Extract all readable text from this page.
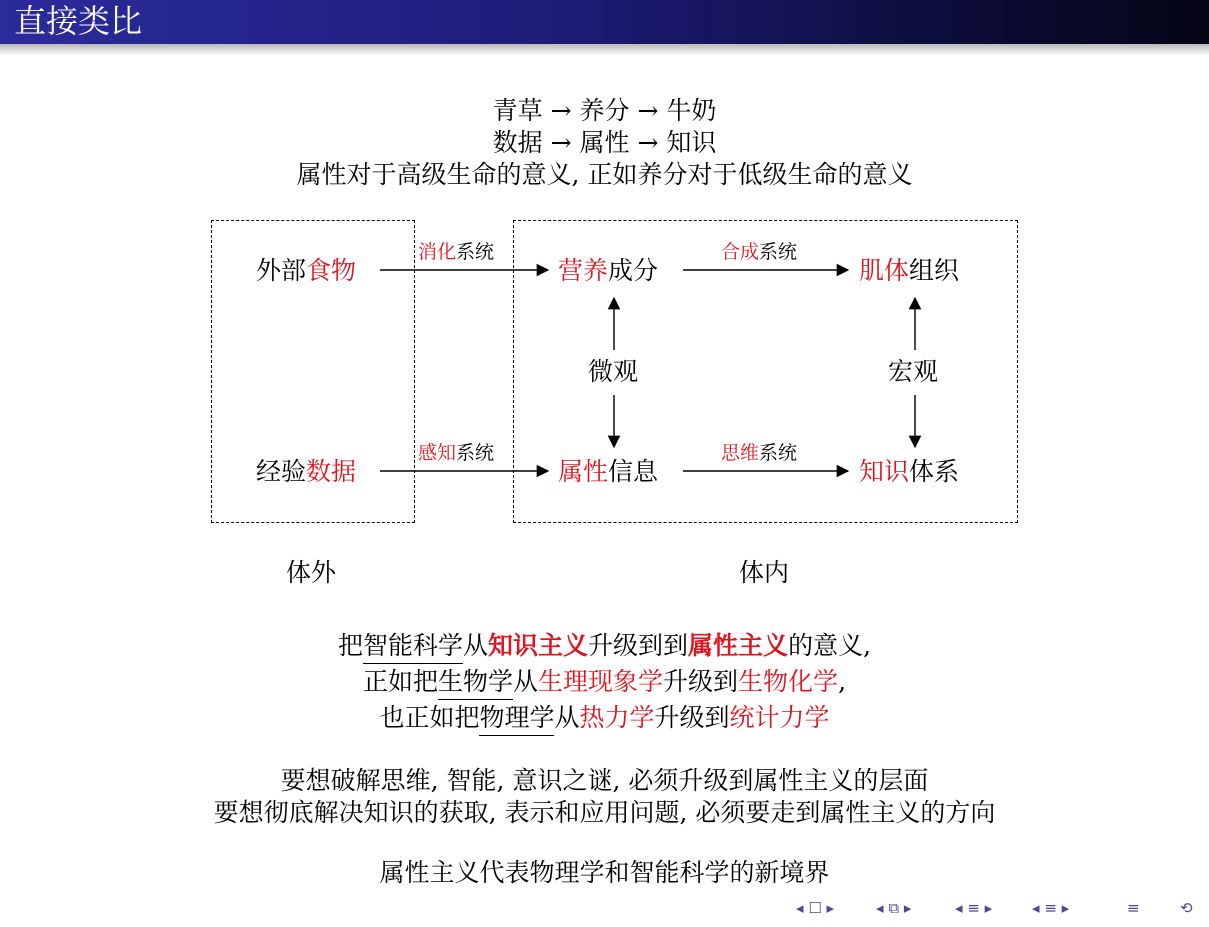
直接类比
青草 → 养分 → 牛奶
数据 → 属性 → 知识
属性对于高级生命的意义, 正如养分对于低级生命的意义
外部食物
经验数据
营养成分
属性信息
肌体组织
知识体系
微观	宏观
消化系统	合成系统
感知系统	思维系统
体外	体内
把智能科学从知识主义升级到到属性主义的意义,
正如把生物学从生理现象学升级到生物化学,
也正如把物理学从热力学升级到统计力学
要想破解思维, 智能, 意识之谜, 必须升级到属性主义的层面
要想彻底解决知识的获取, 表示和应用问题, 必须要走到属性主义的方向
属性主义代表物理学和智能科学的新境界
◂ ☐ ▸	◂ ⧉ ▸	◂ ≡ ▸	◂ ≡ ▸	≡	⟲
